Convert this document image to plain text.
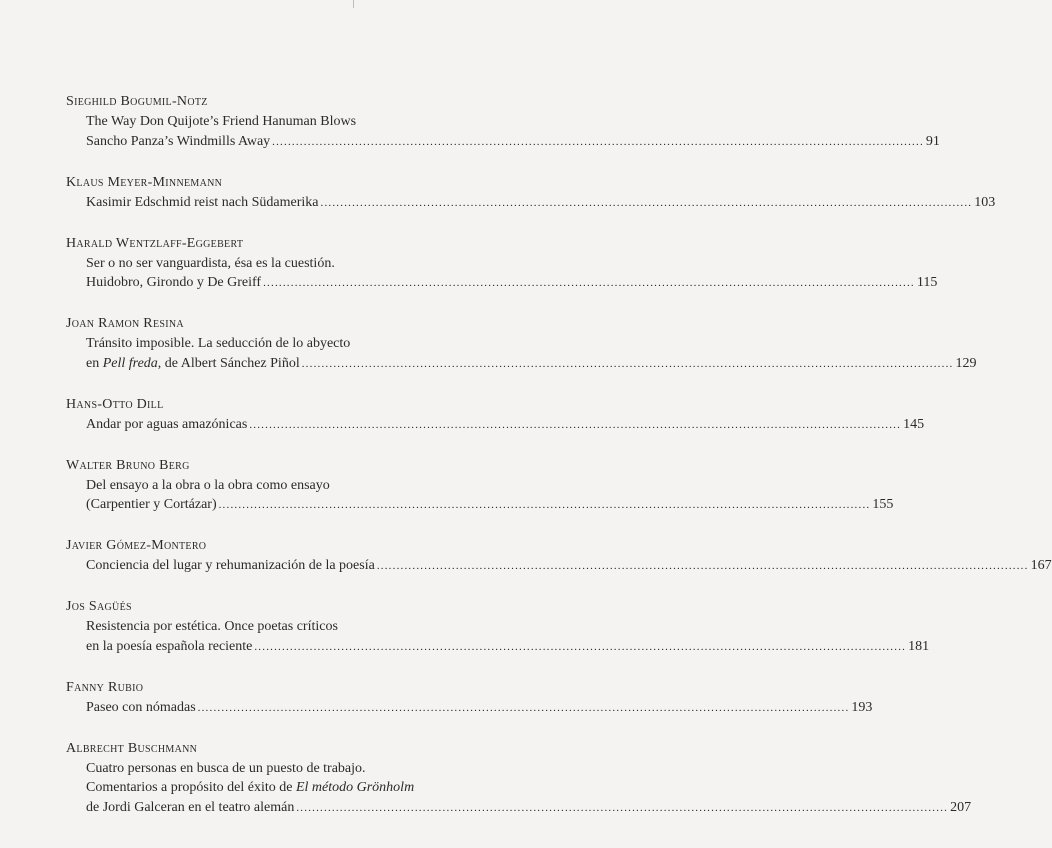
Sieghild Bogumil-Notz
The Way Don Quijote’s Friend Hanuman Blows
Sancho Panza’s Windmills Away ..................................................................................................................................................................... 91
Klaus Meyer-Minnemann
Kasimir Edschmid reist nach Südamerika ..................................................................................................................................................................... 103
Harald Wentzlaff-Eggebert
Ser o no ser vanguardista, ésa es la cuestión.
Huidobro, Girondo y De Greiff ..................................................................................................................................................................... 115
Joan Ramon Resina
Tránsito imposible. La seducción de lo abyecto
en Pell freda, de Albert Sánchez Piñol ..................................................................................................................................................................... 129
Hans-Otto Dill
Andar por aguas amazónicas ..................................................................................................................................................................... 145
Walter Bruno Berg
Del ensayo a la obra o la obra como ensayo
(Carpentier y Cortázar) ..................................................................................................................................................................... 155
Javier Gómez-Montero
Conciencia del lugar y rehumanización de la poesía ..................................................................................................................................................................... 167
Jos Sagüés
Resistencia por estética. Once poetas críticos
en la poesía española reciente ..................................................................................................................................................................... 181
Fanny Rubio
Paseo con nómadas ..................................................................................................................................................................... 193
Albrecht Buschmann
Cuatro personas en busca de un puesto de trabajo.
Comentarios a propósito del éxito de El método Grönholm
de Jordi Galceran en el teatro alemán ..................................................................................................................................................................... 207
